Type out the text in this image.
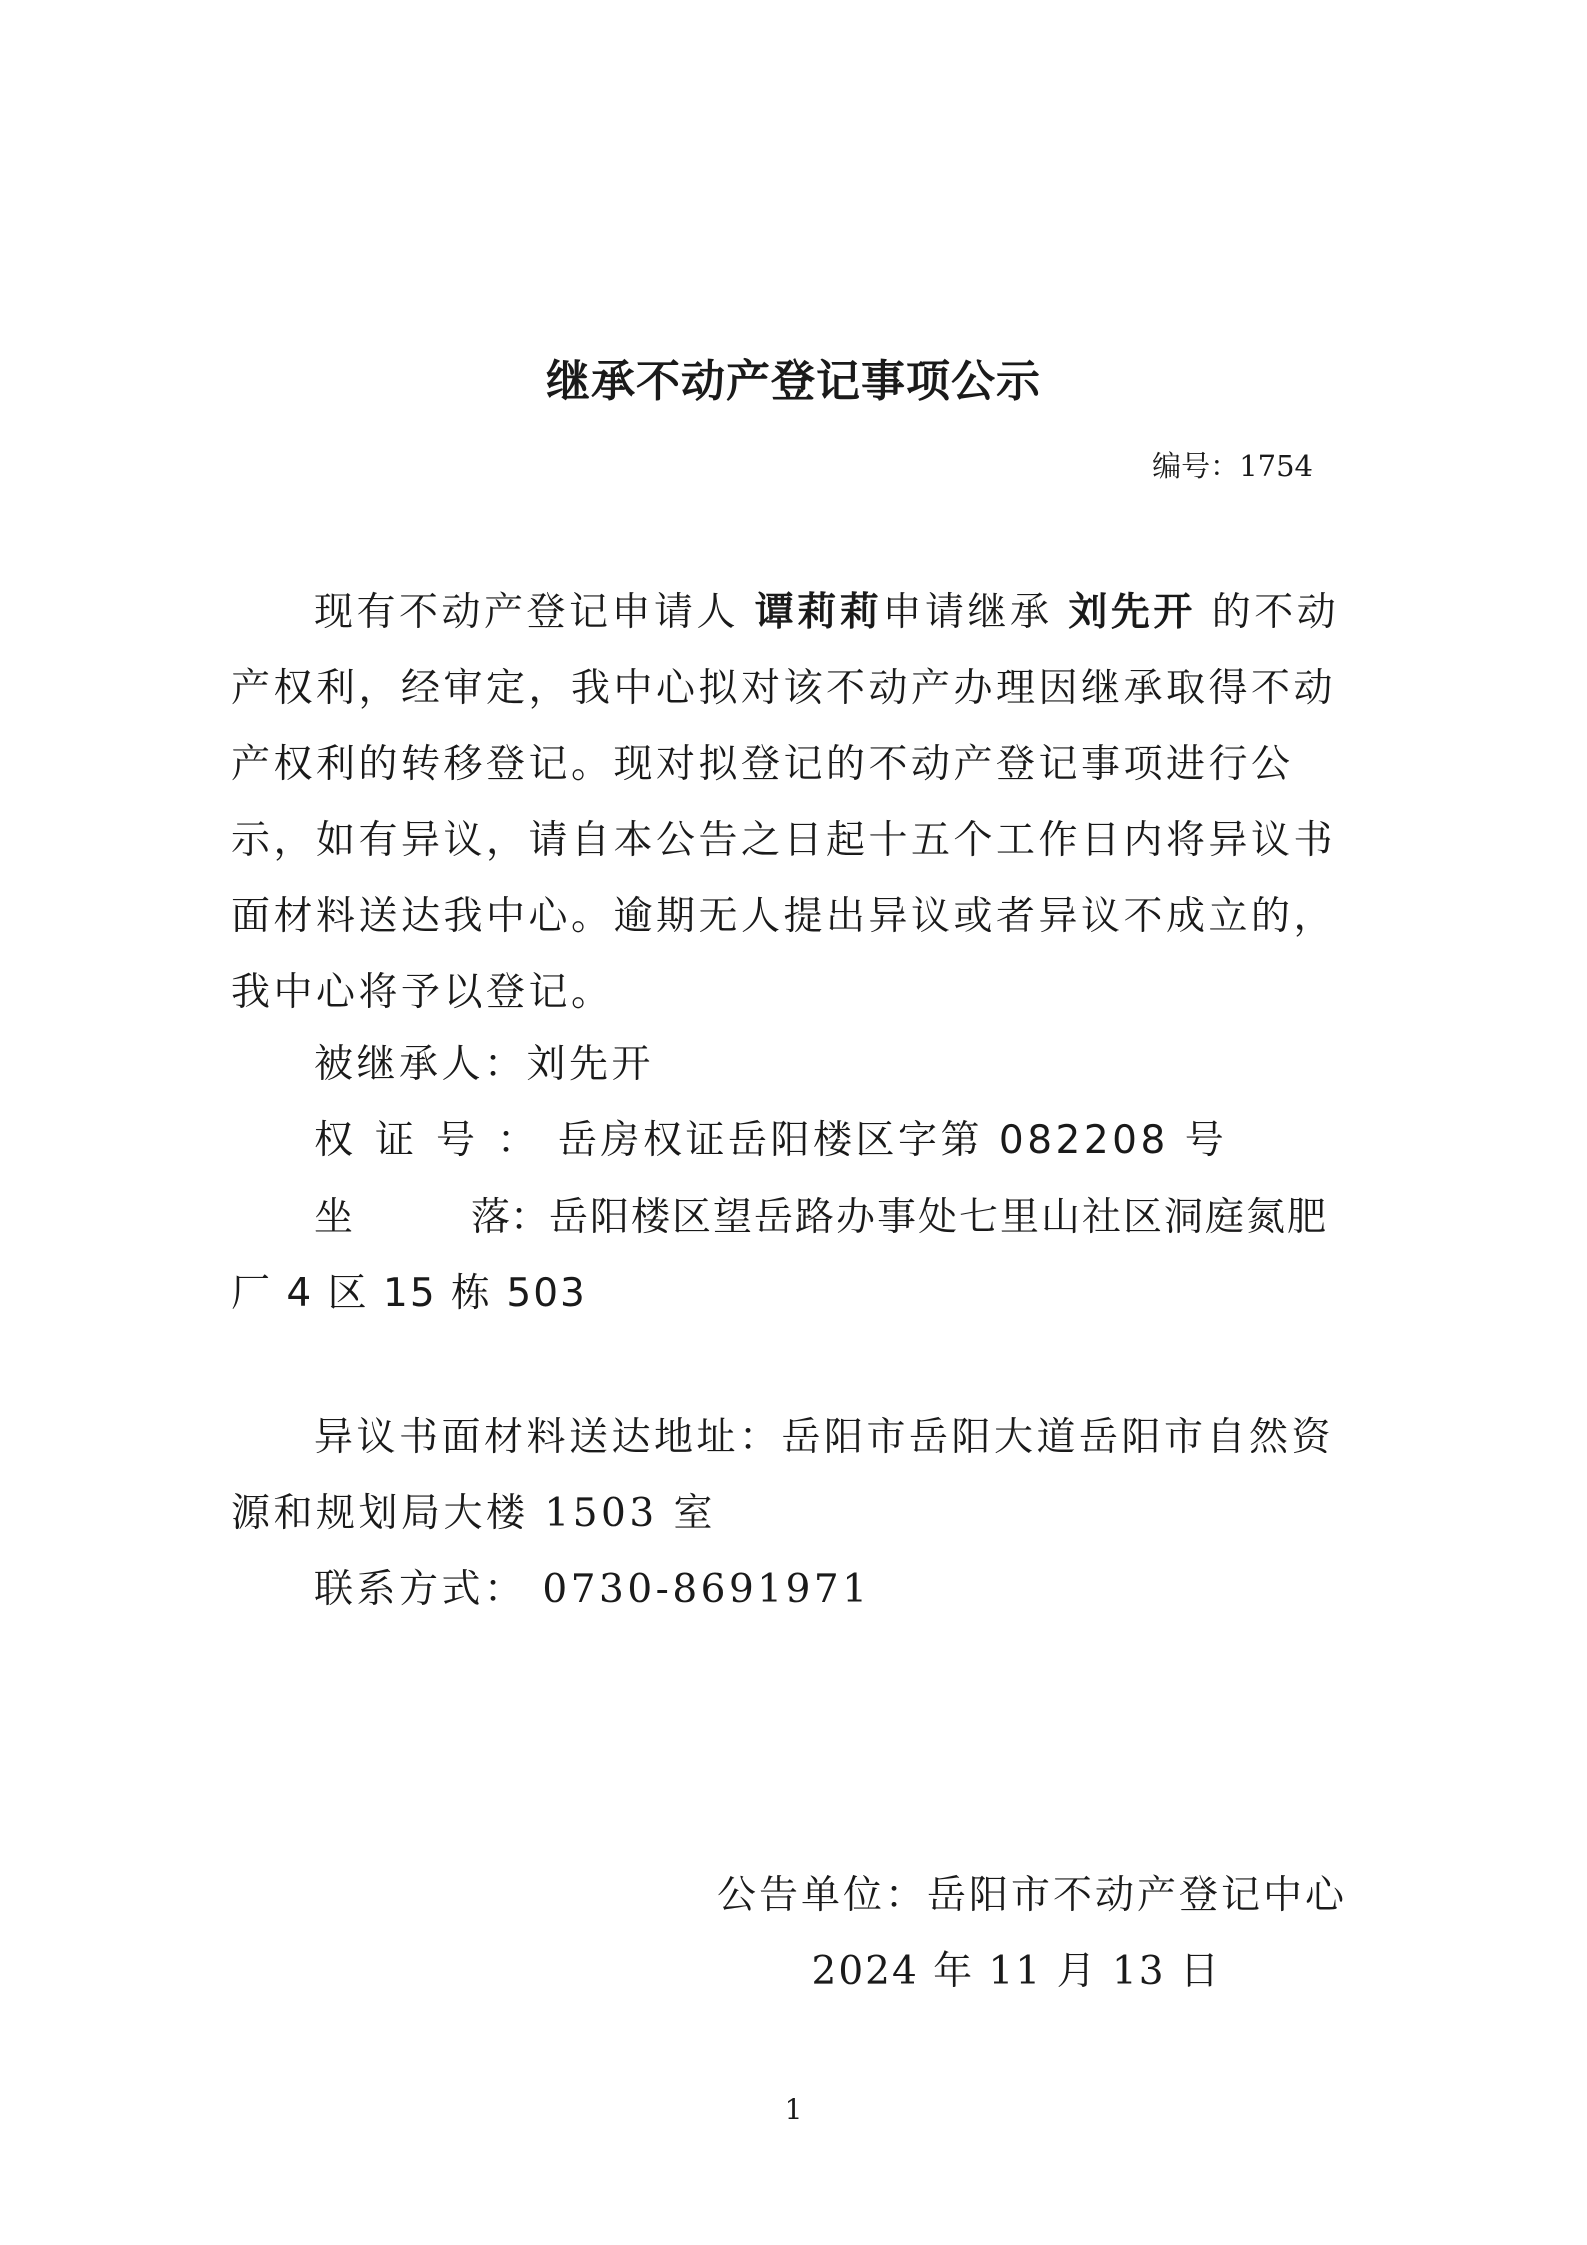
继承不动产登记事项公示
编号：1754

现有不动产登记申请人 谭莉莉申请继承 刘先开 的不动产权利，经审定，我中心拟对该不动产办理因继承取得不动产权利的转移登记。现对拟登记的不动产登记事项进行公示，如有异议，请自本公告之日起十五个工作日内将异议书面材料送达我中心。逾期无人提出异议或者异议不成立的，我中心将予以登记。

被继承人：刘先开
权证号：岳房权证岳阳楼区字第 082208 号

坐	落：岳阳楼区望岳路办事处七里山社区洞庭氮肥厂 4 区 15 栋 503

异议书面材料送达地址：岳阳市岳阳大道岳阳市自然资源和规划局大楼 1503 室

联系方式： 0730-8691971
公告单位：岳阳市不动产登记中心
2024 年 11 月 13 日
1
